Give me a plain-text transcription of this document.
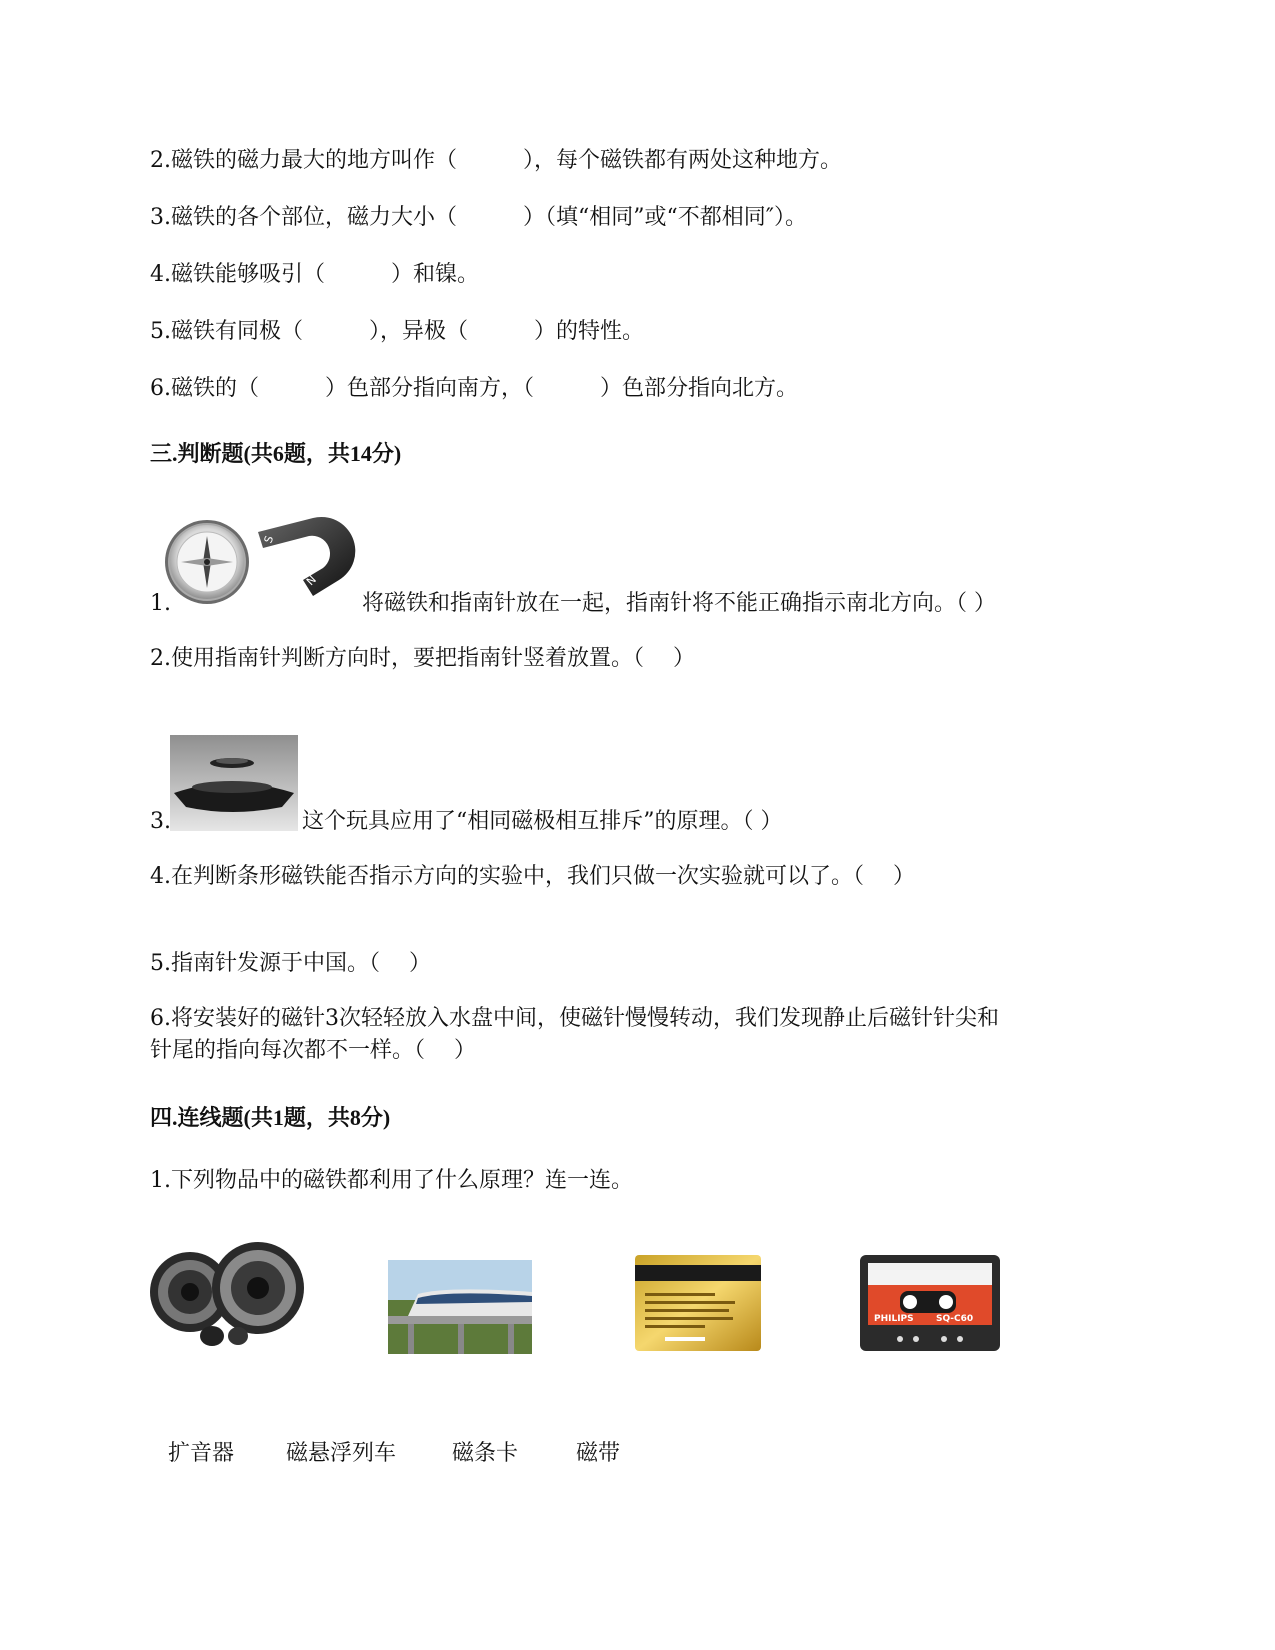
2.磁铁的磁力最大的地方叫作（　　　），每个磁铁都有两处这种地方。
3.磁铁的各个部位，磁力大小（　　　）（填“相同”或“不都相同″）。
4.磁铁能够吸引（　　　）和镍。
5.磁铁有同极（　　　），异极（　　　）的特性。
6.磁铁的（　　　）色部分指向南方，（　　　）色部分指向北方。
三.判断题(共6题，共14分)
S
N
1.	将磁铁和指南针放在一起，指南针将不能正确指示南北方向。（ ）
2.使用指南针判断方向时，要把指南针竖着放置。（　 ）
3.	这个玩具应用了“相同磁极相互排斥”的原理。（ ）
4.在判断条形磁铁能否指示方向的实验中，我们只做一次实验就可以了。（　 ）
5.指南针发源于中国。（　 ）
6.将安装好的磁针3次轻轻放入水盘中间，使磁针慢慢转动，我们发现静止后磁针针尖和
针尾的指向每次都不一样。（　 ）
四.连线题(共1题，共8分)
1.下列物品中的磁铁都利用了什么原理？连一连。
PHILIPS SQ-C60
扩音器 磁悬浮列车	磁条卡	磁带
